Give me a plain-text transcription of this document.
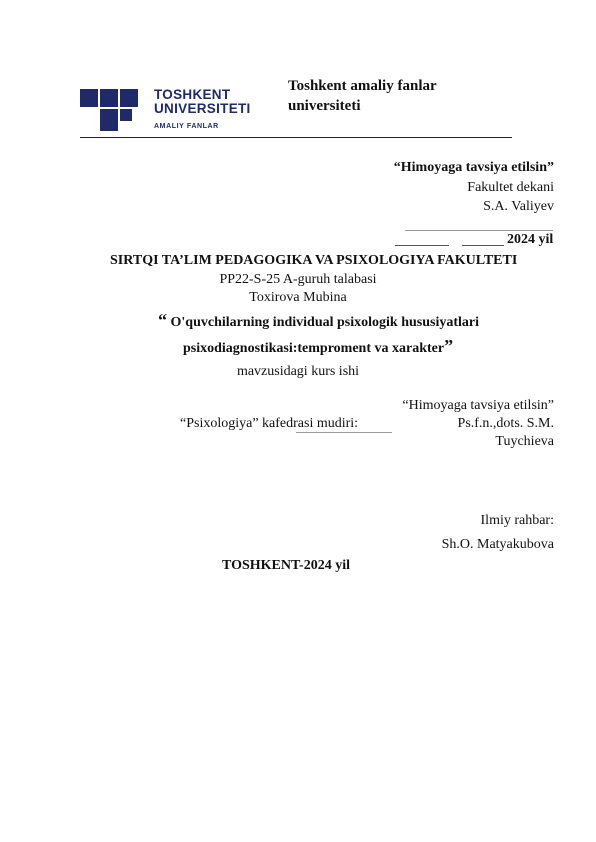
TOSHKENT
UNIVERSITETI
AMALIY FANLAR
Toshkent amaliy fanlar
universiteti
“Himoyaga tavsiya etilsin”
Fakultet dekani
S.A. Valiyev
2024 yil
SIRTQI TA’LIM PEDAGOGIKA VA PSIXOLOGIYA FAKULTETI
PP22-S-25 A-guruh talabasi
Toxirova Mubina
“ O'quvchilarning individual psixologik hususiyatlari
psixodiagnostikasi:temproment va xarakter”
mavzusidagi kurs ishi
“Psixologiya” kafedrasi mudiri:
“Himoyaga tavsiya etilsin”
Ps.f.n.,dots. S.M.
Tuychieva
Ilmiy rahbar:
Sh.O. Matyakubova
TOSHKENT-2024 yil
